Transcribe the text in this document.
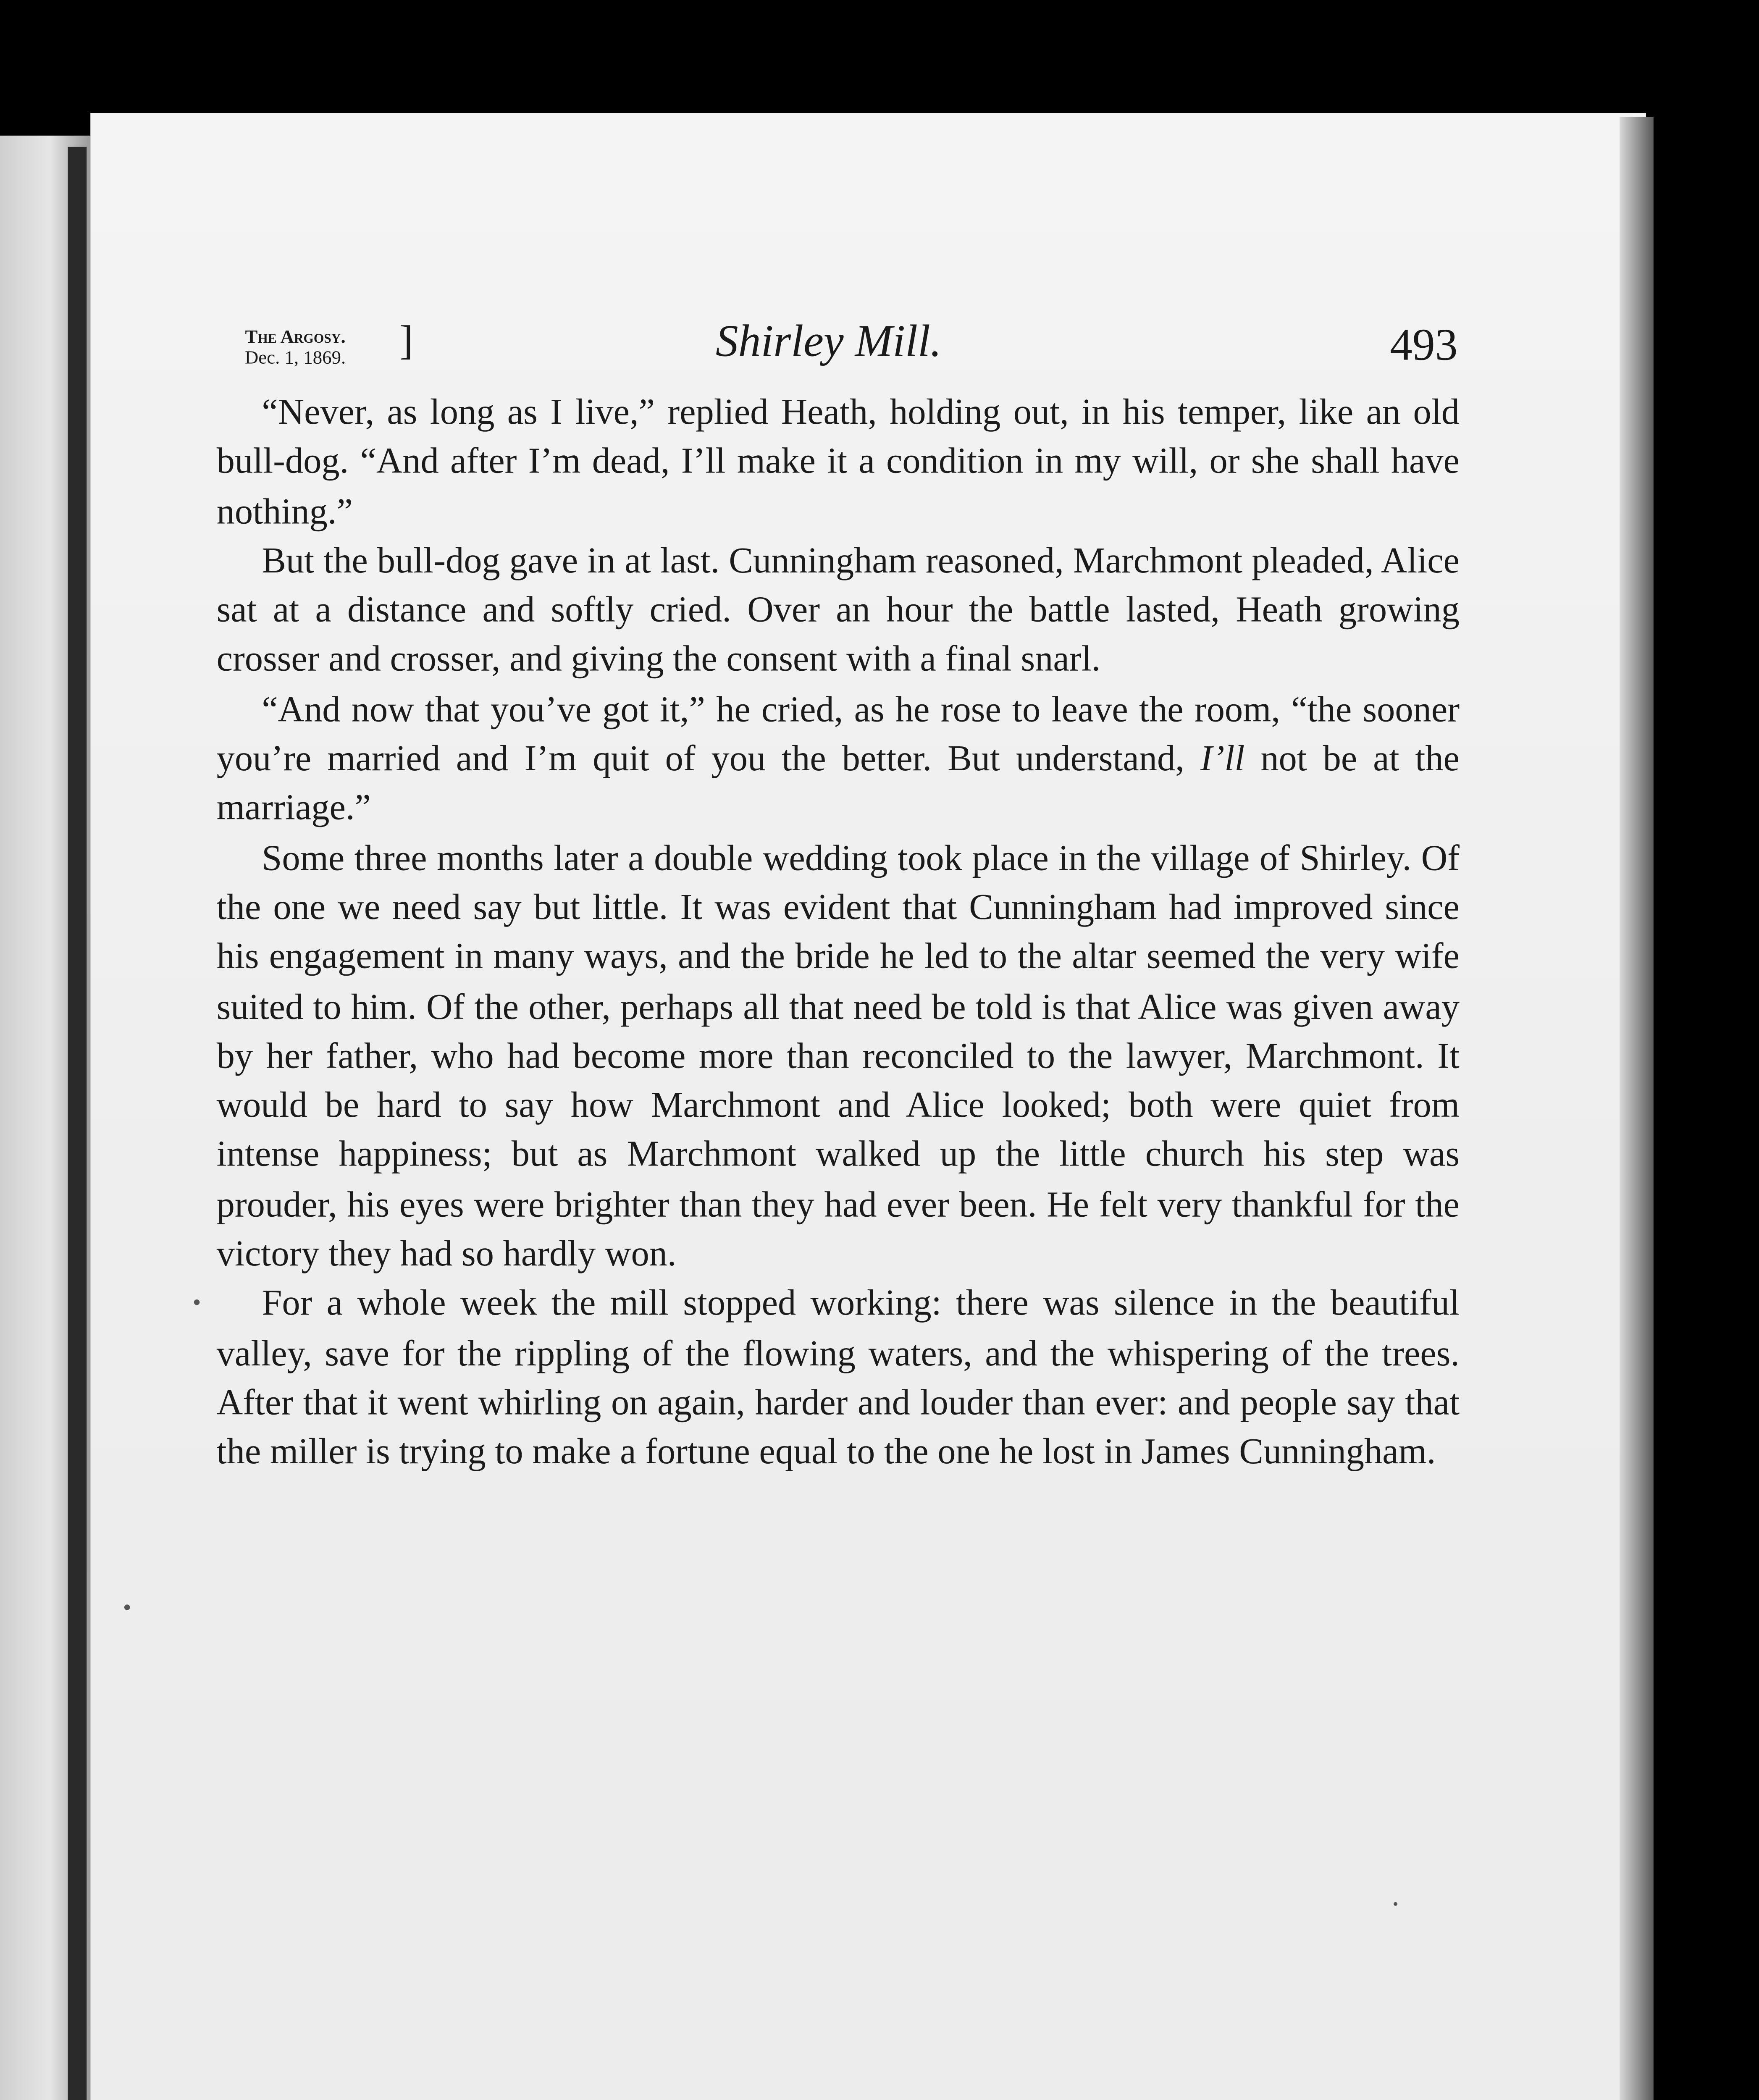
The Argosy.
Dec. 1, 1869.	]	Shirley Mill.	493

“Never, as long as I live,” replied Heath, holding out, in his temper, like an old bull-dog. “And after I’m dead, I’ll make it a condition in my will, or she shall have nothing.”

But the bull-dog gave in at last. Cunningham reasoned, Marchmont pleaded, Alice sat at a distance and softly cried. Over an hour the battle lasted, Heath growing crosser and crosser, and giving the consent with a final snarl.

“And now that you’ve got it,” he cried, as he rose to leave the room, “the sooner you’re married and I’m quit of you the better. But understand, I’ll not be at the marriage.”

Some three months later a double wedding took place in the village of Shirley. Of the one we need say but little. It was evident that Cunningham had improved since his engagement in many ways, and the bride he led to the altar seemed the very wife suited to him. Of the other, perhaps all that need be told is that Alice was given away by her father, who had become more than reconciled to the lawyer, Marchmont. It would be hard to say how Marchmont and Alice looked; both were quiet from intense happiness; but as Marchmont walked up the little church his step was prouder, his eyes were brighter than they had ever been. He felt very thankful for the victory they had so hardly won.

For a whole week the mill stopped working: there was silence in the beautiful valley, save for the rippling of the flowing waters, and the whispering of the trees. After that it went whirling on again, harder and louder than ever: and people say that the miller is trying to make a fortune equal to the one he lost in James Cunningham.
